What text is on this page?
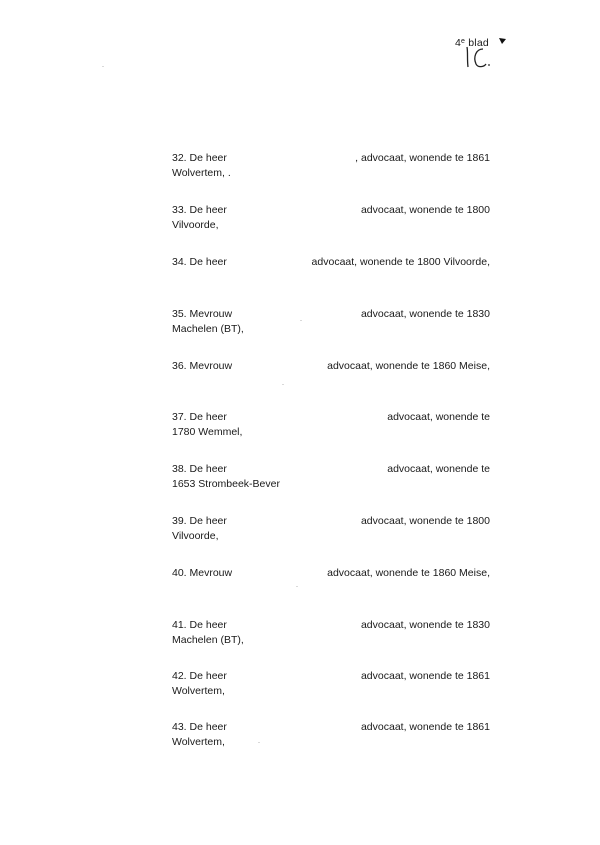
4e blad
32. De heer	, advocaat, wonende te 1861
Wolvertem, .
33. De heer	advocaat, wonende te 1800
Vilvoorde,
34. De heer	advocaat, wonende te 1800 Vilvoorde,
35. Mevrouw	advocaat, wonende te 1830
Machelen (BT),
36. Mevrouw	advocaat, wonende te 1860 Meise,
37. De heer	advocaat, wonende te
1780 Wemmel,
38. De heer	advocaat, wonende te
1653 Strombeek-Bever
39. De heer	advocaat, wonende te 1800
Vilvoorde,
40. Mevrouw	advocaat, wonende te 1860 Meise,
41. De heer	advocaat, wonende te 1830
Machelen (BT),
42. De heer	advocaat, wonende te 1861
Wolvertem,
43. De heer	advocaat, wonende te 1861
Wolvertem,
